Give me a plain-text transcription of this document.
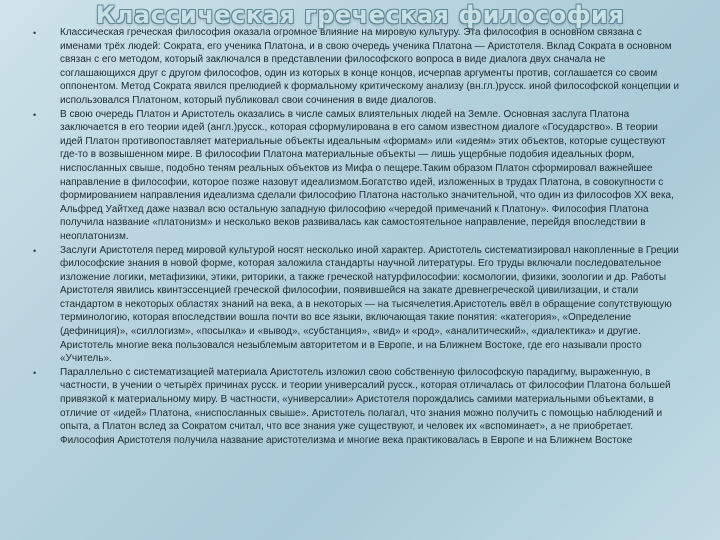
Классическая греческая философия
• Классическая греческая философия оказала огромное влияние на мировую культуру. Эта философия в основном связана с именами трёх людей: Сократа, его ученика Платона, и в свою очередь ученика Платона — Аристотеля. Вклад Сократа в основном связан с его методом, который заключался в представлении философского вопроса в виде диалога двух сначала не соглашающихся друг с другом философов, один из которых в конце концов, исчерпав аргументы против, соглашается со своим оппонентом. Метод Сократа явился прелюдией к формальному критическому анализу (вн.гл.)русск. иной философской концепции и использовался Платоном, который публиковал свои сочинения в виде диалогов.
• В свою очередь Платон и Аристотель оказались в числе самых влиятельных людей на Земле. Основная заслуга Платона заключается в его теории идей (англ.)русск., которая сформулирована в его самом известном диалоге «Государство». В теории идей Платон противопоставляет материальные объекты идеальным «формам» или «идеям» этих объектов, которые существуют где-то в возвышенном мире. В философии Платона материальные объекты — лишь ущербные подобия идеальных форм, ниспосланных свыше, подобно теням реальных объектов из Мифа о пещере.Таким образом Платон сформировал важнейшее направление в философии, которое позже назовут идеализмом.Богатство идей, изложенных в трудах Платона, в совокупности с формированием направления идеализма сделали философию Платона настолько значительной, что один из философов XX века, Альфред Уайтхед даже назвал всю остальную западную философию «чередой примечаний к Платону». Философия Платона получила название «платонизм» и несколько веков развивалась как самостоятельное направление, перейдя впоследствии в неоплатонизм.
• Заслуги Аристотеля перед мировой культурой носят несколько иной характер. Аристотель систематизировал накопленные в Греции философские знания в новой форме, которая заложила стандарты научной литературы. Его труды включали последовательное изложение логики, метафизики, этики, риторики, а также греческой натурфилософии: космологии, физики, зоологии и др. Работы Аристотеля явились квинтэссенцией греческой философии, появившейся на закате древнегреческой цивилизации, и стали стандартом в некоторых областях знаний на века, а в некоторых — на тысячелетия.Аристотель ввёл в обращение сопутствующую терминологию, которая впоследствии вошла почти во все языки, включающая такие понятия: «категория», «Определение (дефиниция)», «силлогизм», «посылка» и «вывод», «субстанция», «вид» и «род», «аналитический», «диалектика» и другие. Аристотель многие века пользовался незыблемым авторитетом и в Европе, и на Ближнем Востоке, где его называли просто «Учитель».
• Параллельно с систематизацией материала Аристотель изложил свою собственную философскую парадигму, выраженную, в частности, в учении о четырёх причинах русск. и теории универсалий русск., которая отличалась от философии Платона большей привязкой к материальному миру. В частности, «универсалии» Аристотеля порождались самими материальными объектами, в отличие от «идей» Платона, «ниспосланных свыше». Аристотель полагал, что знания можно получить с помощью наблюдений и опыта, а Платон вслед за Сократом считал, что все знания уже существуют, и человек их «вспоминает», а не приобретает. Философия Аристотеля получила название аристотелизма и многие века практиковалась в Европе и на Ближнем Востоке
